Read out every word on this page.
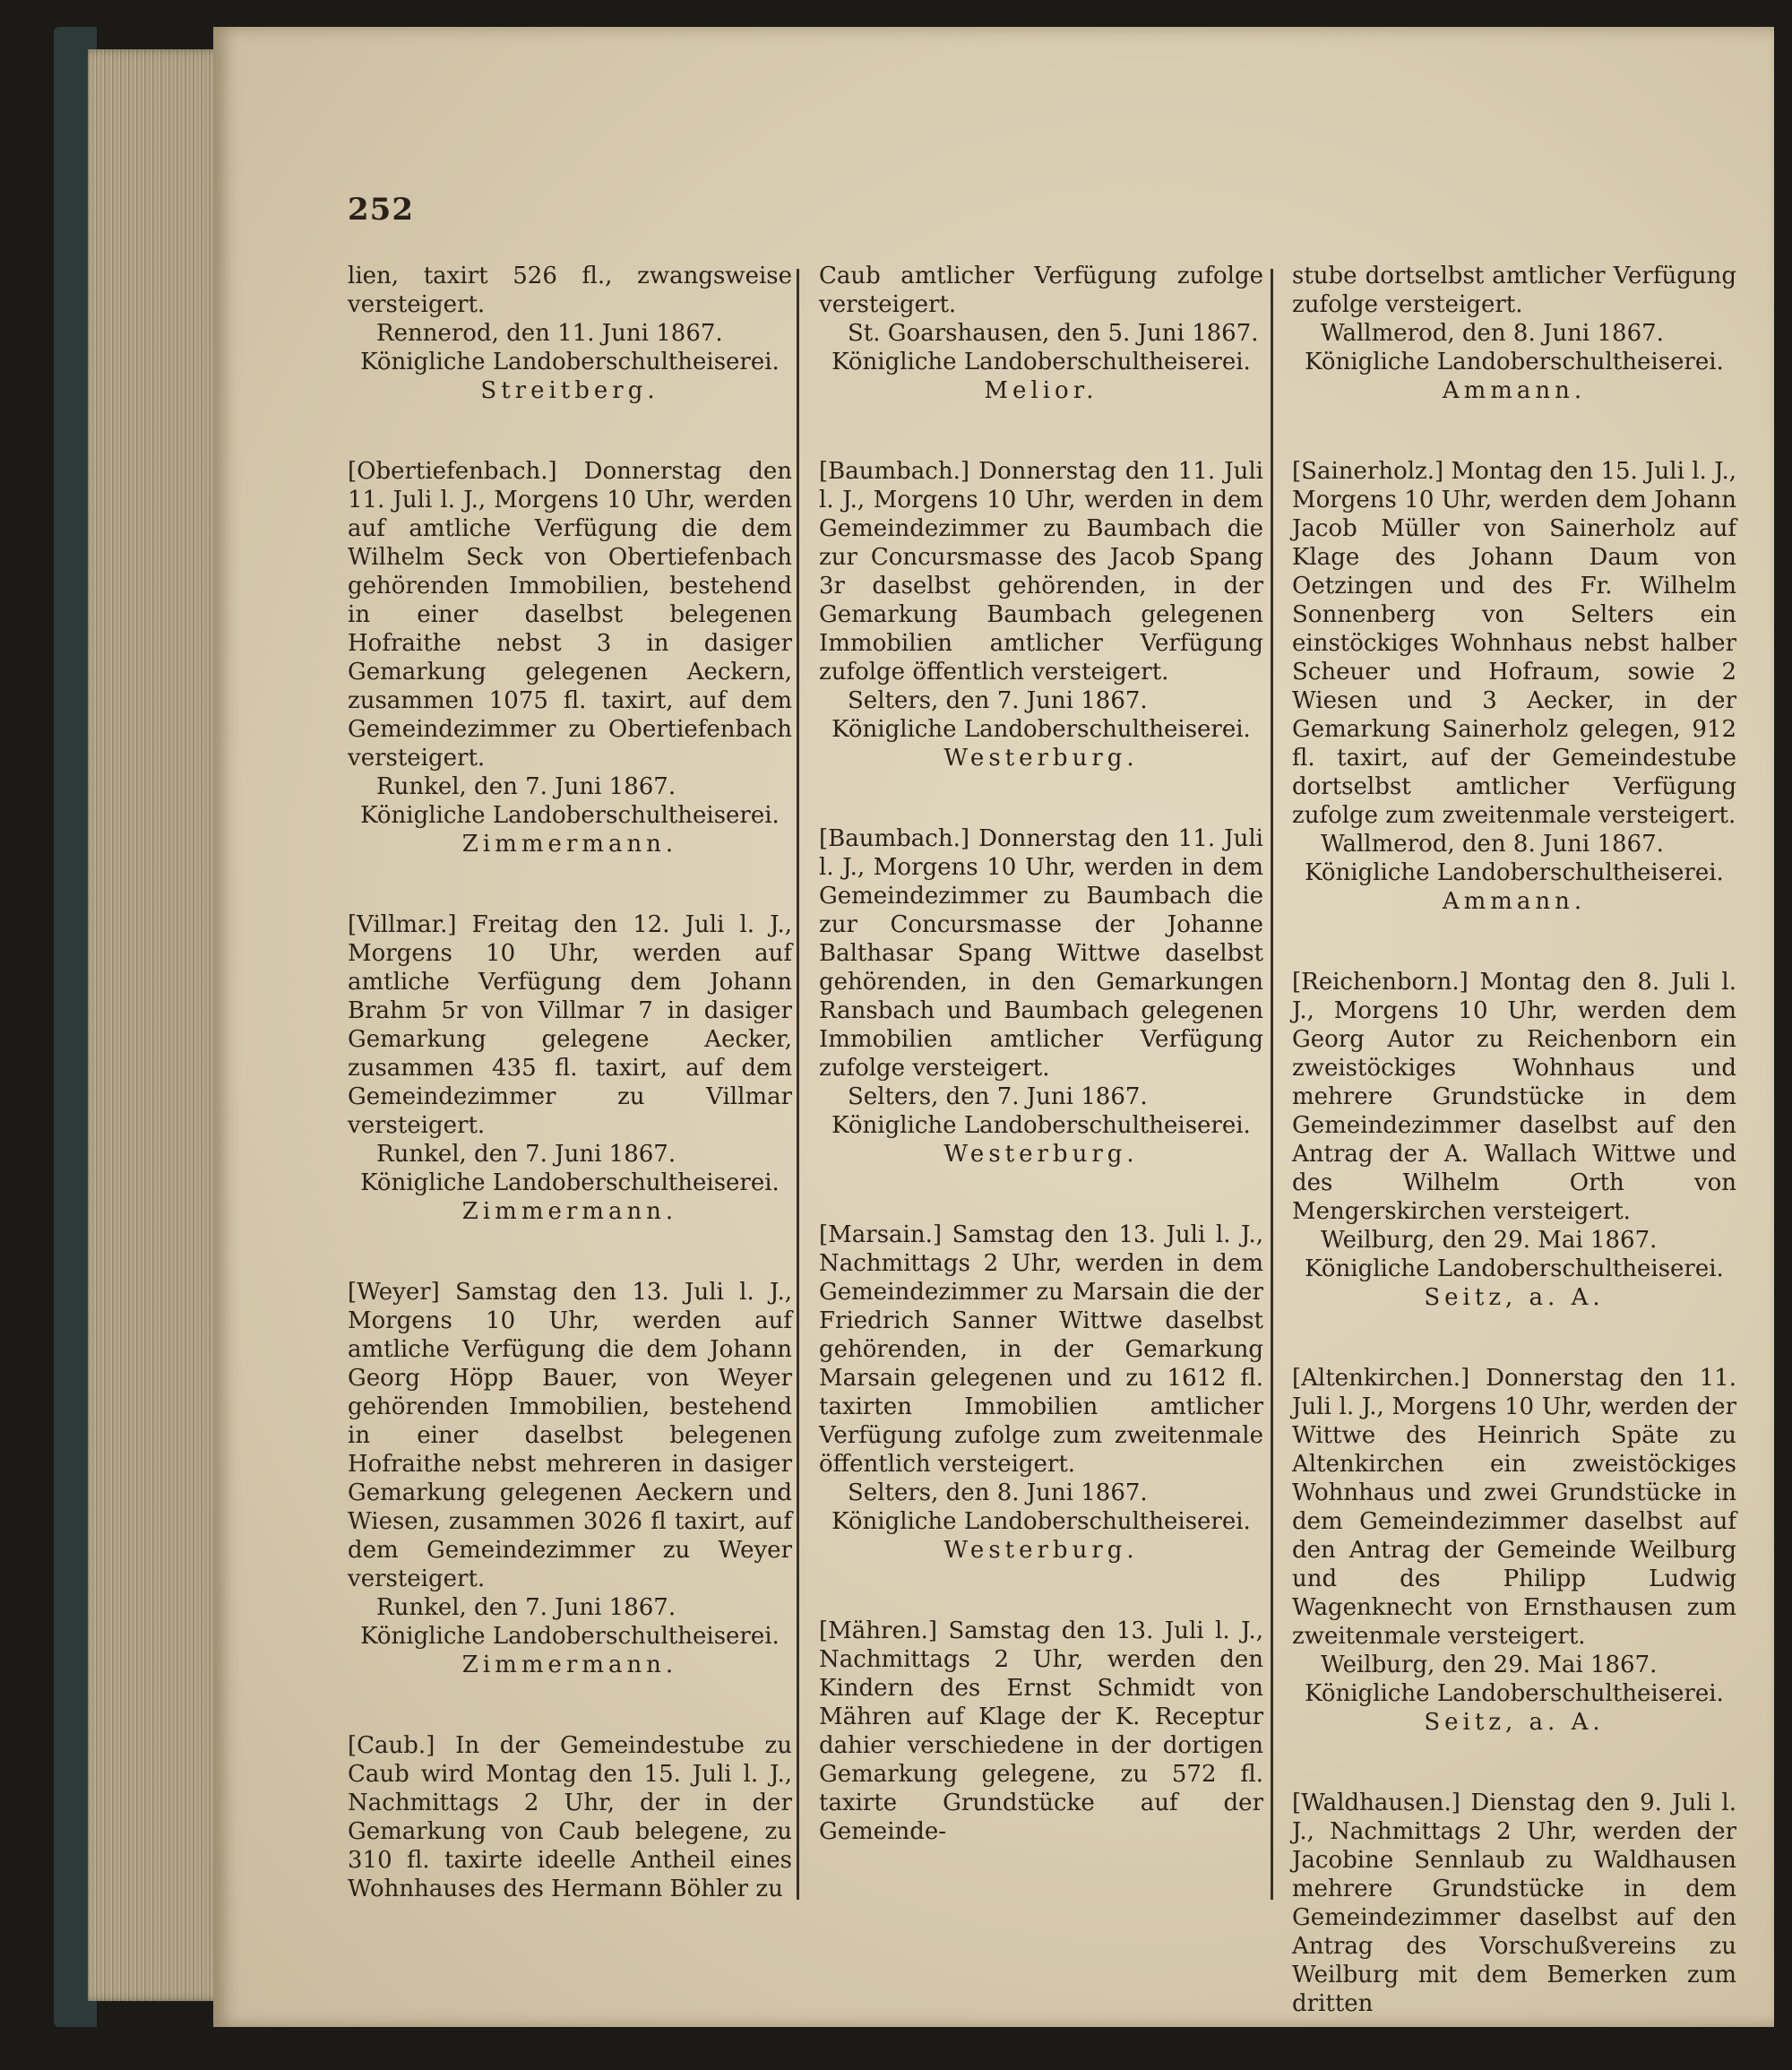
252

lien, taxirt 526 fl., zwangsweise versteigert.

Rennerod, den 11. Juni 1867.

Königliche Landoberschultheiserei.

Streitberg.

[Obertiefenbach.] Donnerstag den 11. Juli l. J., Morgens 10 Uhr, werden auf amtliche Verfügung die dem Wilhelm Seck von Obertiefenbach gehörenden Immobilien, bestehend in einer daselbst belegenen Hofraithe nebst 3 in dasiger Gemarkung gelegenen Aeckern, zusammen 1075 fl. taxirt, auf dem Gemeindezimmer zu Obertiefenbach versteigert.

Runkel, den 7. Juni 1867.

Königliche Landoberschultheiserei.

Zimmermann.

[Villmar.] Freitag den 12. Juli l. J., Morgens 10 Uhr, werden auf amtliche Verfügung dem Johann Brahm 5r von Villmar 7 in dasiger Gemarkung gelegene Aecker, zusammen 435 fl. taxirt, auf dem Gemeindezimmer zu Villmar versteigert.

Runkel, den 7. Juni 1867.

Königliche Landoberschultheiserei.

Zimmermann.

[Weyer] Samstag den 13. Juli l. J., Morgens 10 Uhr, werden auf amtliche Verfügung die dem Johann Georg Höpp Bauer, von Weyer gehörenden Immobilien, bestehend in einer daselbst belegenen Hofraithe nebst mehreren in dasiger Gemarkung gelegenen Aeckern und Wiesen, zusammen 3026 fl taxirt, auf dem Gemeindezimmer zu Weyer versteigert.

Runkel, den 7. Juni 1867.

Königliche Landoberschultheiserei.

Zimmermann.

[Caub.] In der Gemeindestube zu Caub wird Montag den 15. Juli l. J., Nachmittags 2 Uhr, der in der Gemarkung von Caub belegene, zu 310 fl. taxirte ideelle Antheil eines Wohnhauses des Hermann Böhler zu

Caub amtlicher Verfügung zufolge versteigert.

St. Goarshausen, den 5. Juni 1867.

Königliche Landoberschultheiserei.

Melior.

[Baumbach.] Donnerstag den 11. Juli l. J., Morgens 10 Uhr, werden in dem Gemeindezimmer zu Baumbach die zur Concursmasse des Jacob Spang 3r daselbst gehörenden, in der Gemarkung Baumbach gelegenen Immobilien amtlicher Verfügung zufolge öffentlich versteigert.

Selters, den 7. Juni 1867.

Königliche Landoberschultheiserei.

Westerburg.

[Baumbach.] Donnerstag den 11. Juli l. J., Morgens 10 Uhr, werden in dem Gemeindezimmer zu Baumbach die zur Concursmasse der Johanne Balthasar Spang Wittwe daselbst gehörenden, in den Gemarkungen Ransbach und Baumbach gelegenen Immobilien amtlicher Verfügung zufolge versteigert.

Selters, den 7. Juni 1867.

Königliche Landoberschultheiserei.

Westerburg.

[Marsain.] Samstag den 13. Juli l. J., Nachmittags 2 Uhr, werden in dem Gemeindezimmer zu Marsain die der Friedrich Sanner Wittwe daselbst gehörenden, in der Gemarkung Marsain gelegenen und zu 1612 fl. taxirten Immobilien amtlicher Verfügung zufolge zum zweitenmale öffentlich versteigert.

Selters, den 8. Juni 1867.

Königliche Landoberschultheiserei.

Westerburg.

[Mähren.] Samstag den 13. Juli l. J., Nachmittags 2 Uhr, werden den Kindern des Ernst Schmidt von Mähren auf Klage der K. Receptur dahier verschiedene in der dortigen Gemarkung gelegene, zu 572 fl. taxirte Grundstücke auf der Gemeinde-

stube dortselbst amtlicher Verfügung zufolge versteigert.

Wallmerod, den 8. Juni 1867.

Königliche Landoberschultheiserei.

Ammann.

[Sainerholz.] Montag den 15. Juli l. J., Morgens 10 Uhr, werden dem Johann Jacob Müller von Sainerholz auf Klage des Johann Daum von Oetzingen und des Fr. Wilhelm Sonnenberg von Selters ein einstöckiges Wohnhaus nebst halber Scheuer und Hofraum, sowie 2 Wiesen und 3 Aecker, in der Gemarkung Sainerholz gelegen, 912 fl. taxirt, auf der Gemeindestube dortselbst amtlicher Verfügung zufolge zum zweitenmale versteigert.

Wallmerod, den 8. Juni 1867.

Königliche Landoberschultheiserei.

Ammann.

[Reichenborn.] Montag den 8. Juli l. J., Morgens 10 Uhr, werden dem Georg Autor zu Reichenborn ein zweistöckiges Wohnhaus und mehrere Grundstücke in dem Gemeindezimmer daselbst auf den Antrag der A. Wallach Wittwe und des Wilhelm Orth von Mengerskirchen versteigert.

Weilburg, den 29. Mai 1867.

Königliche Landoberschultheiserei.

Seitz, a. A.

[Altenkirchen.] Donnerstag den 11. Juli l. J., Morgens 10 Uhr, werden der Wittwe des Heinrich Späte zu Altenkirchen ein zweistöckiges Wohnhaus und zwei Grundstücke in dem Gemeindezimmer daselbst auf den Antrag der Gemeinde Weilburg und des Philipp Ludwig Wagenknecht von Ernsthausen zum zweitenmale versteigert.

Weilburg, den 29. Mai 1867.

Königliche Landoberschultheiserei.

Seitz, a. A.

[Waldhausen.] Dienstag den 9. Juli l. J., Nachmittags 2 Uhr, werden der Jacobine Sennlaub zu Waldhausen mehrere Grundstücke in dem Gemeindezimmer daselbst auf den Antrag des Vorschußvereins zu Weilburg mit dem Bemerken zum dritten
